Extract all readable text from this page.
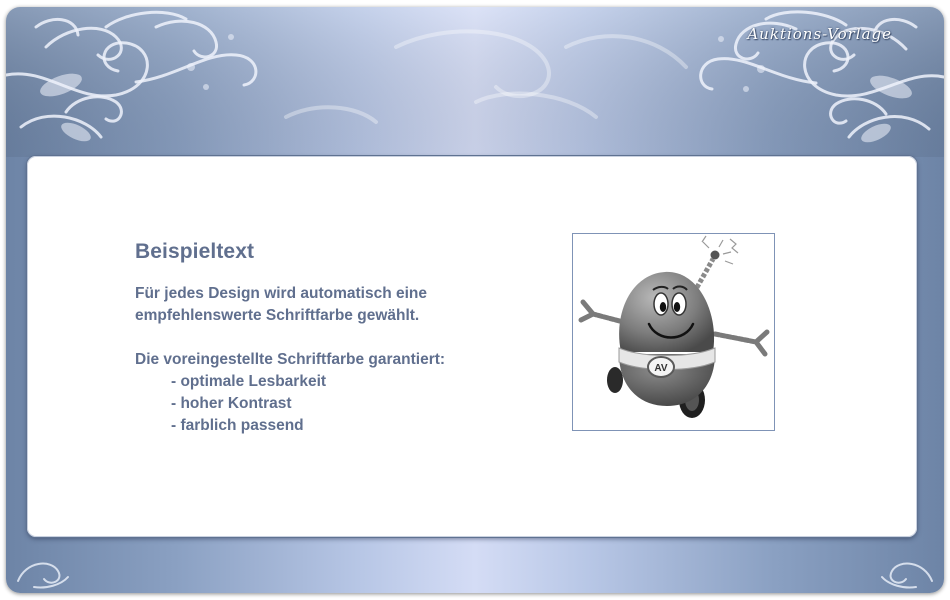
Beispieltext

Für jedes Design wird automatisch eine

empfehlenswerte Schriftfarbe gewählt.

Die voreingestellte Schriftfarbe garantiert:

- optimale Lesbarkeit
- hoher Kontrast
- farblich passend
AV
Auktions-Vorlage
